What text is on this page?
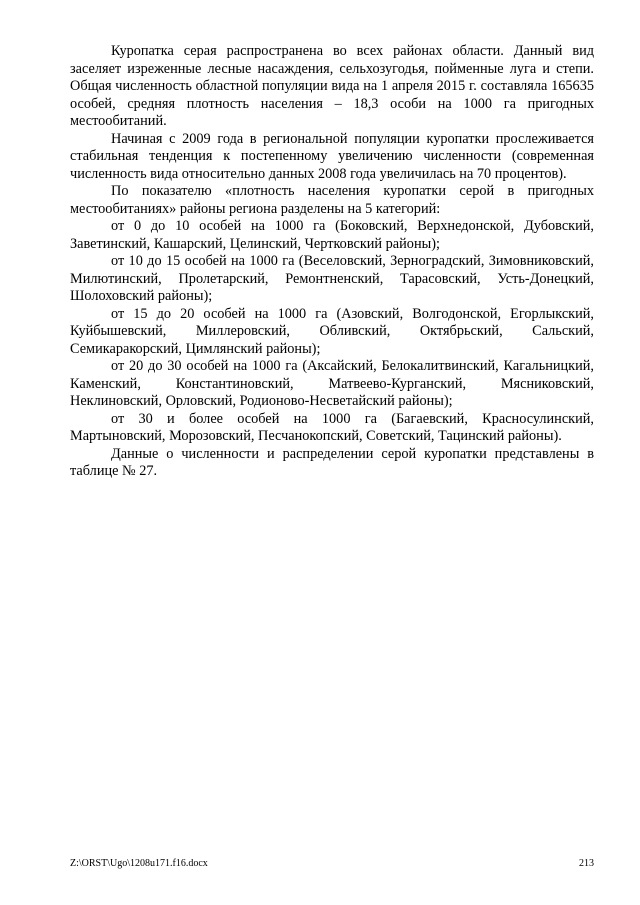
Куропатка серая распространена во всех районах области. Данный вид заселяет изреженные лесные насаждения, сельхозугодья, пойменные луга и степи. Общая численность областной популяции вида на 1 апреля 2015 г. составляла 165635 особей, средняя плотность населения – 18,3 особи на 1000 га пригодных местообитаний.

Начиная с 2009 года в региональной популяции куропатки прослеживается стабильная тенденция к постепенному увеличению численности (современная численность вида относительно данных 2008 года увеличилась на 70 процентов).

По показателю «плотность населения куропатки серой в пригодных местообитаниях» районы региона разделены на 5 категорий:

от 0 до 10 особей на 1000 га (Боковский, Верхнедонской, Дубовский, Заветинский, Кашарский, Целинский, Чертковский районы);

от 10 до 15 особей на 1000 га (Веселовский, Зерноградский, Зимовниковский, Милютинский, Пролетарский, Ремонтненский, Тарасовский, Усть-Донецкий, Шолоховский районы);

от 15 до 20 особей на 1000 га (Азовский, Волгодонской, Егорлыкский, Куйбышевский, Миллеровский, Обливский, Октябрьский, Сальский, Семикаракорский, Цимлянский районы);

от 20 до 30 особей на 1000 га (Аксайский, Белокалитвинский, Кагальницкий, Каменский, Константиновский, Матвеево-Курганский, Мясниковский, Неклиновский, Орловский, Родионово-Несветайский районы);

от 30 и более особей на 1000 га (Багаевский, Красносулинский, Мартыновский, Морозовский, Песчанокопский, Советский, Тацинский районы).

Данные о численности и распределении серой куропатки представлены в таблице № 27.

Z:\ORST\Ugo\1208u171.f16.docx	213
